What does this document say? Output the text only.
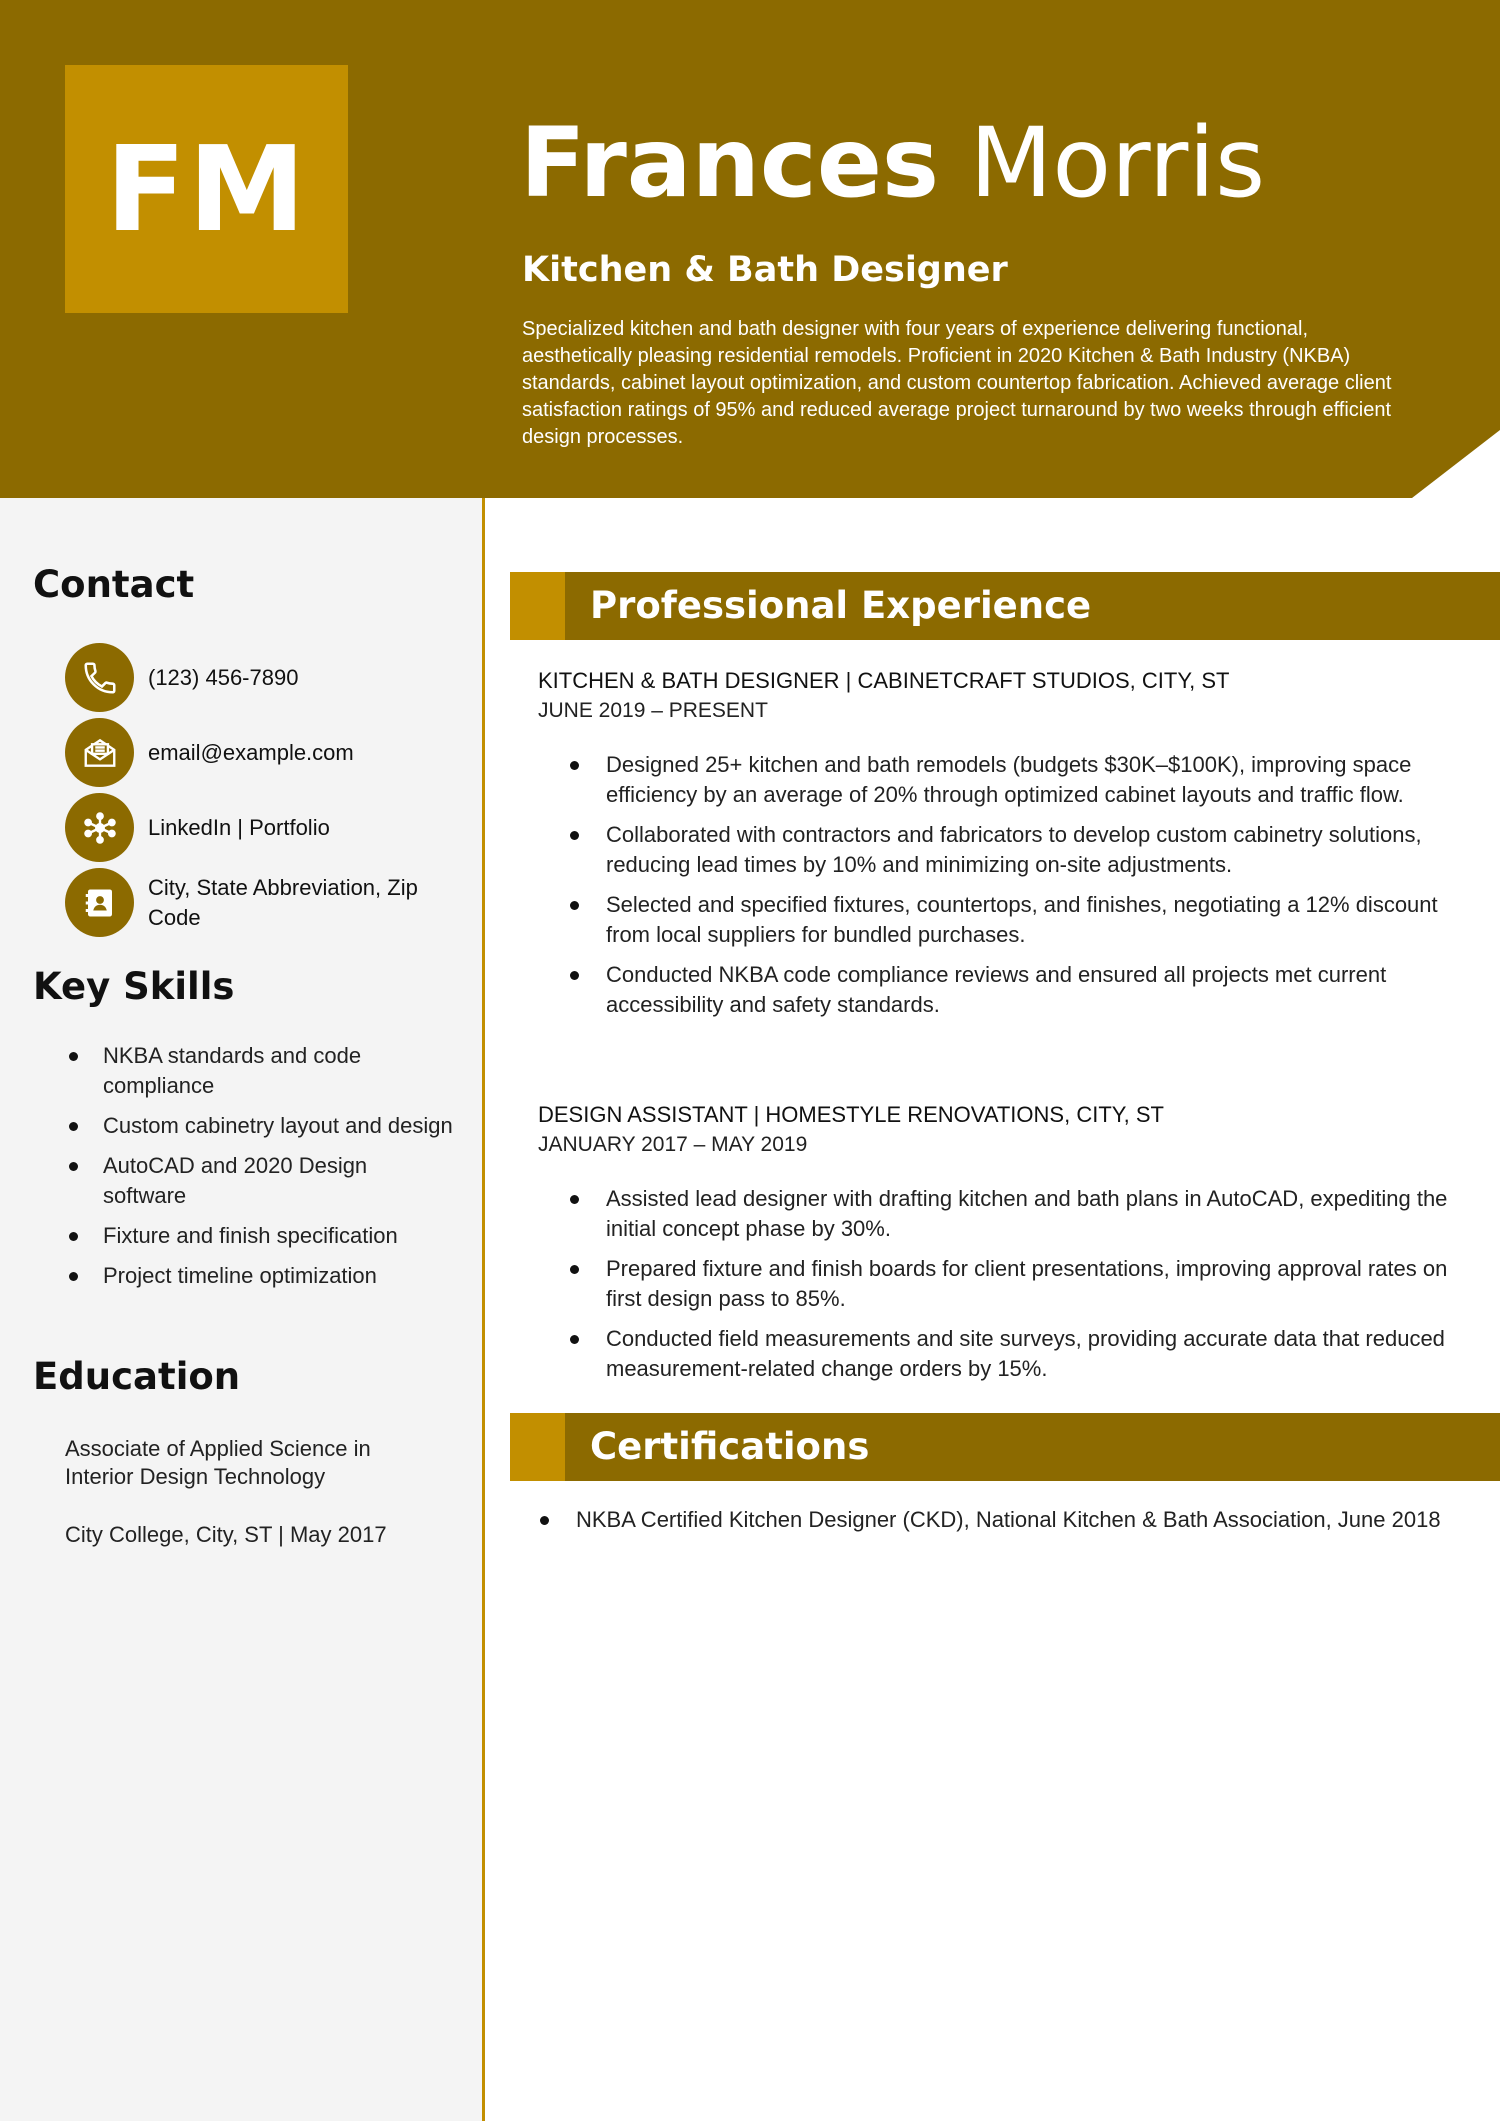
FM Frances Morris
Kitchen & Bath Designer

Specialized kitchen and bath designer with four years of experience delivering functional, aesthetically pleasing residential remodels. Proficient in 2020 Kitchen & Bath Industry (NKBA) standards, cabinet layout optimization, and custom countertop fabrication. Achieved average client satisfaction ratings of 95% and reduced average project turnaround by two weeks through efficient design processes.

Contact
(123) 456-7890
email@example.com
LinkedIn | Portfolio
City, State Abbreviation, Zip Code
Key Skills
NKBA standards and code compliance
Custom cabinetry layout and design
AutoCAD and 2020 Design software
Fixture and finish specification
Project timeline optimization
Education
Associate of Applied Science in Interior Design Technology
City College, City, ST | May 2017
Professional Experience
KITCHEN & BATH DESIGNER | CABINETCRAFT STUDIOS, CITY, ST
JUNE 2019 – PRESENT
Designed 25+ kitchen and bath remodels (budgets $30K–$100K), improving space efficiency by an average of 20% through optimized cabinet layouts and traffic flow.
Collaborated with contractors and fabricators to develop custom cabinetry solutions, reducing lead times by 10% and minimizing on-site adjustments.
Selected and specified fixtures, countertops, and finishes, negotiating a 12% discount from local suppliers for bundled purchases.
Conducted NKBA code compliance reviews and ensured all projects met current accessibility and safety standards.
DESIGN ASSISTANT | HOMESTYLE RENOVATIONS, CITY, ST
JANUARY 2017 – MAY 2019
Assisted lead designer with drafting kitchen and bath plans in AutoCAD, expediting the initial concept phase by 30%.
Prepared fixture and finish boards for client presentations, improving approval rates on first design pass to 85%.
Conducted field measurements and site surveys, providing accurate data that reduced measurement-related change orders by 15%.
Certifications
NKBA Certified Kitchen Designer (CKD), National Kitchen & Bath Association, June 2018
